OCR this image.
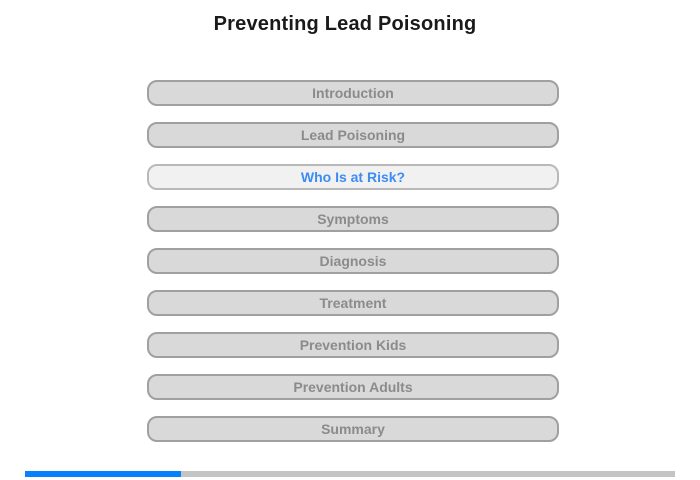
Preventing Lead Poisoning
Introduction
Lead Poisoning
Who Is at Risk?
Symptoms
Diagnosis
Treatment
Prevention Kids
Prevention Adults
Summary
